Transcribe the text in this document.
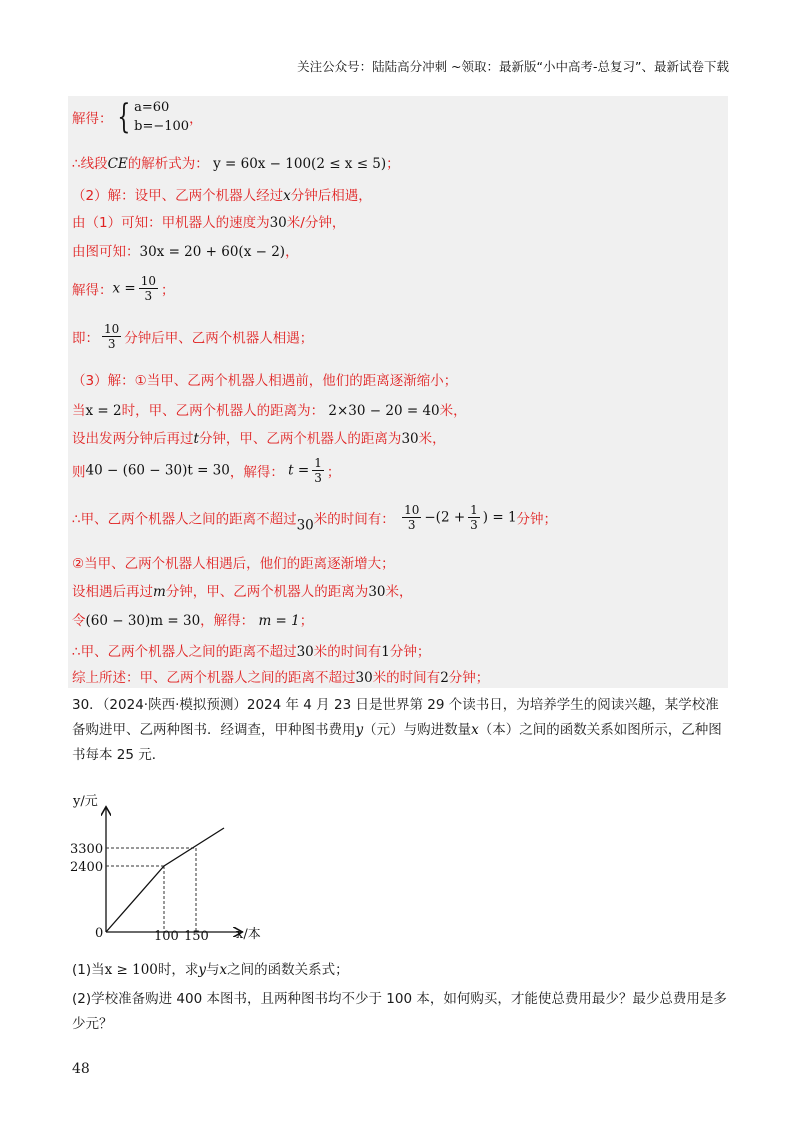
关注公众号：陆陆高分冲刺 ~领取：最新版“小中高考-总复习”、最新试卷下载
解得： { a=60
b=−100 ，
∴线段CE的解析式为： y = 60x − 100(2 ≤ x ≤ 5)；
（2）解：设甲、乙两个机器人经过x分钟后相遇，
由（1）可知：甲机器人的速度为30米/分钟，
由图可知：30x = 20 + 60(x − 2)，
解得：$x = \frac{10}{3}$ ；
即： $\frac{10}{3}$ 分钟后甲、乙两个机器人相遇；
（3）解：①当甲、乙两个机器人相遇前，他们的距离逐渐缩小；
当x = 2时，甲、乙两个机器人的距离为： 2×30 − 20 = 40米，
设出发两分钟后再过t分钟，甲、乙两个机器人的距离为30米，
则40 − (60 − 30)t = 30，解得： $t = \frac{1}{3}$ ；
∴甲、乙两个机器人之间的距离不超过30米的时间有： $\frac{10}{3} -(2 + \frac{1}{3}$ ) = 1分钟；
②当甲、乙两个机器人相遇后，他们的距离逐渐增大；
设相遇后再过m分钟，甲、乙两个机器人的距离为30米，
令(60 − 30)m = 30，解得： m = 1；
∴甲、乙两个机器人之间的距离不超过30米的时间有1分钟；
综上所述：甲、乙两个机器人之间的距离不超过30米的时间有2分钟；
30．（2024·陕西·模拟预测）2024 年 4 月 23 日是世界第 29 个读书日，为培养学生的阅读兴趣，某学校准备购进甲、乙两种图书．经调查，甲种图书费用y（元）与购进数量x（本）之间的函数关系如图所示，乙种图书每本 25 元．
y/元
x/本
0
3300
2400
100 150
(1)当x ≥ 100时，求y与x之间的函数关系式；
(2)学校准备购进 400 本图书，且两种图书均不少于 100 本，如何购买，才能使总费用最少？最少总费用是多少元？
48
